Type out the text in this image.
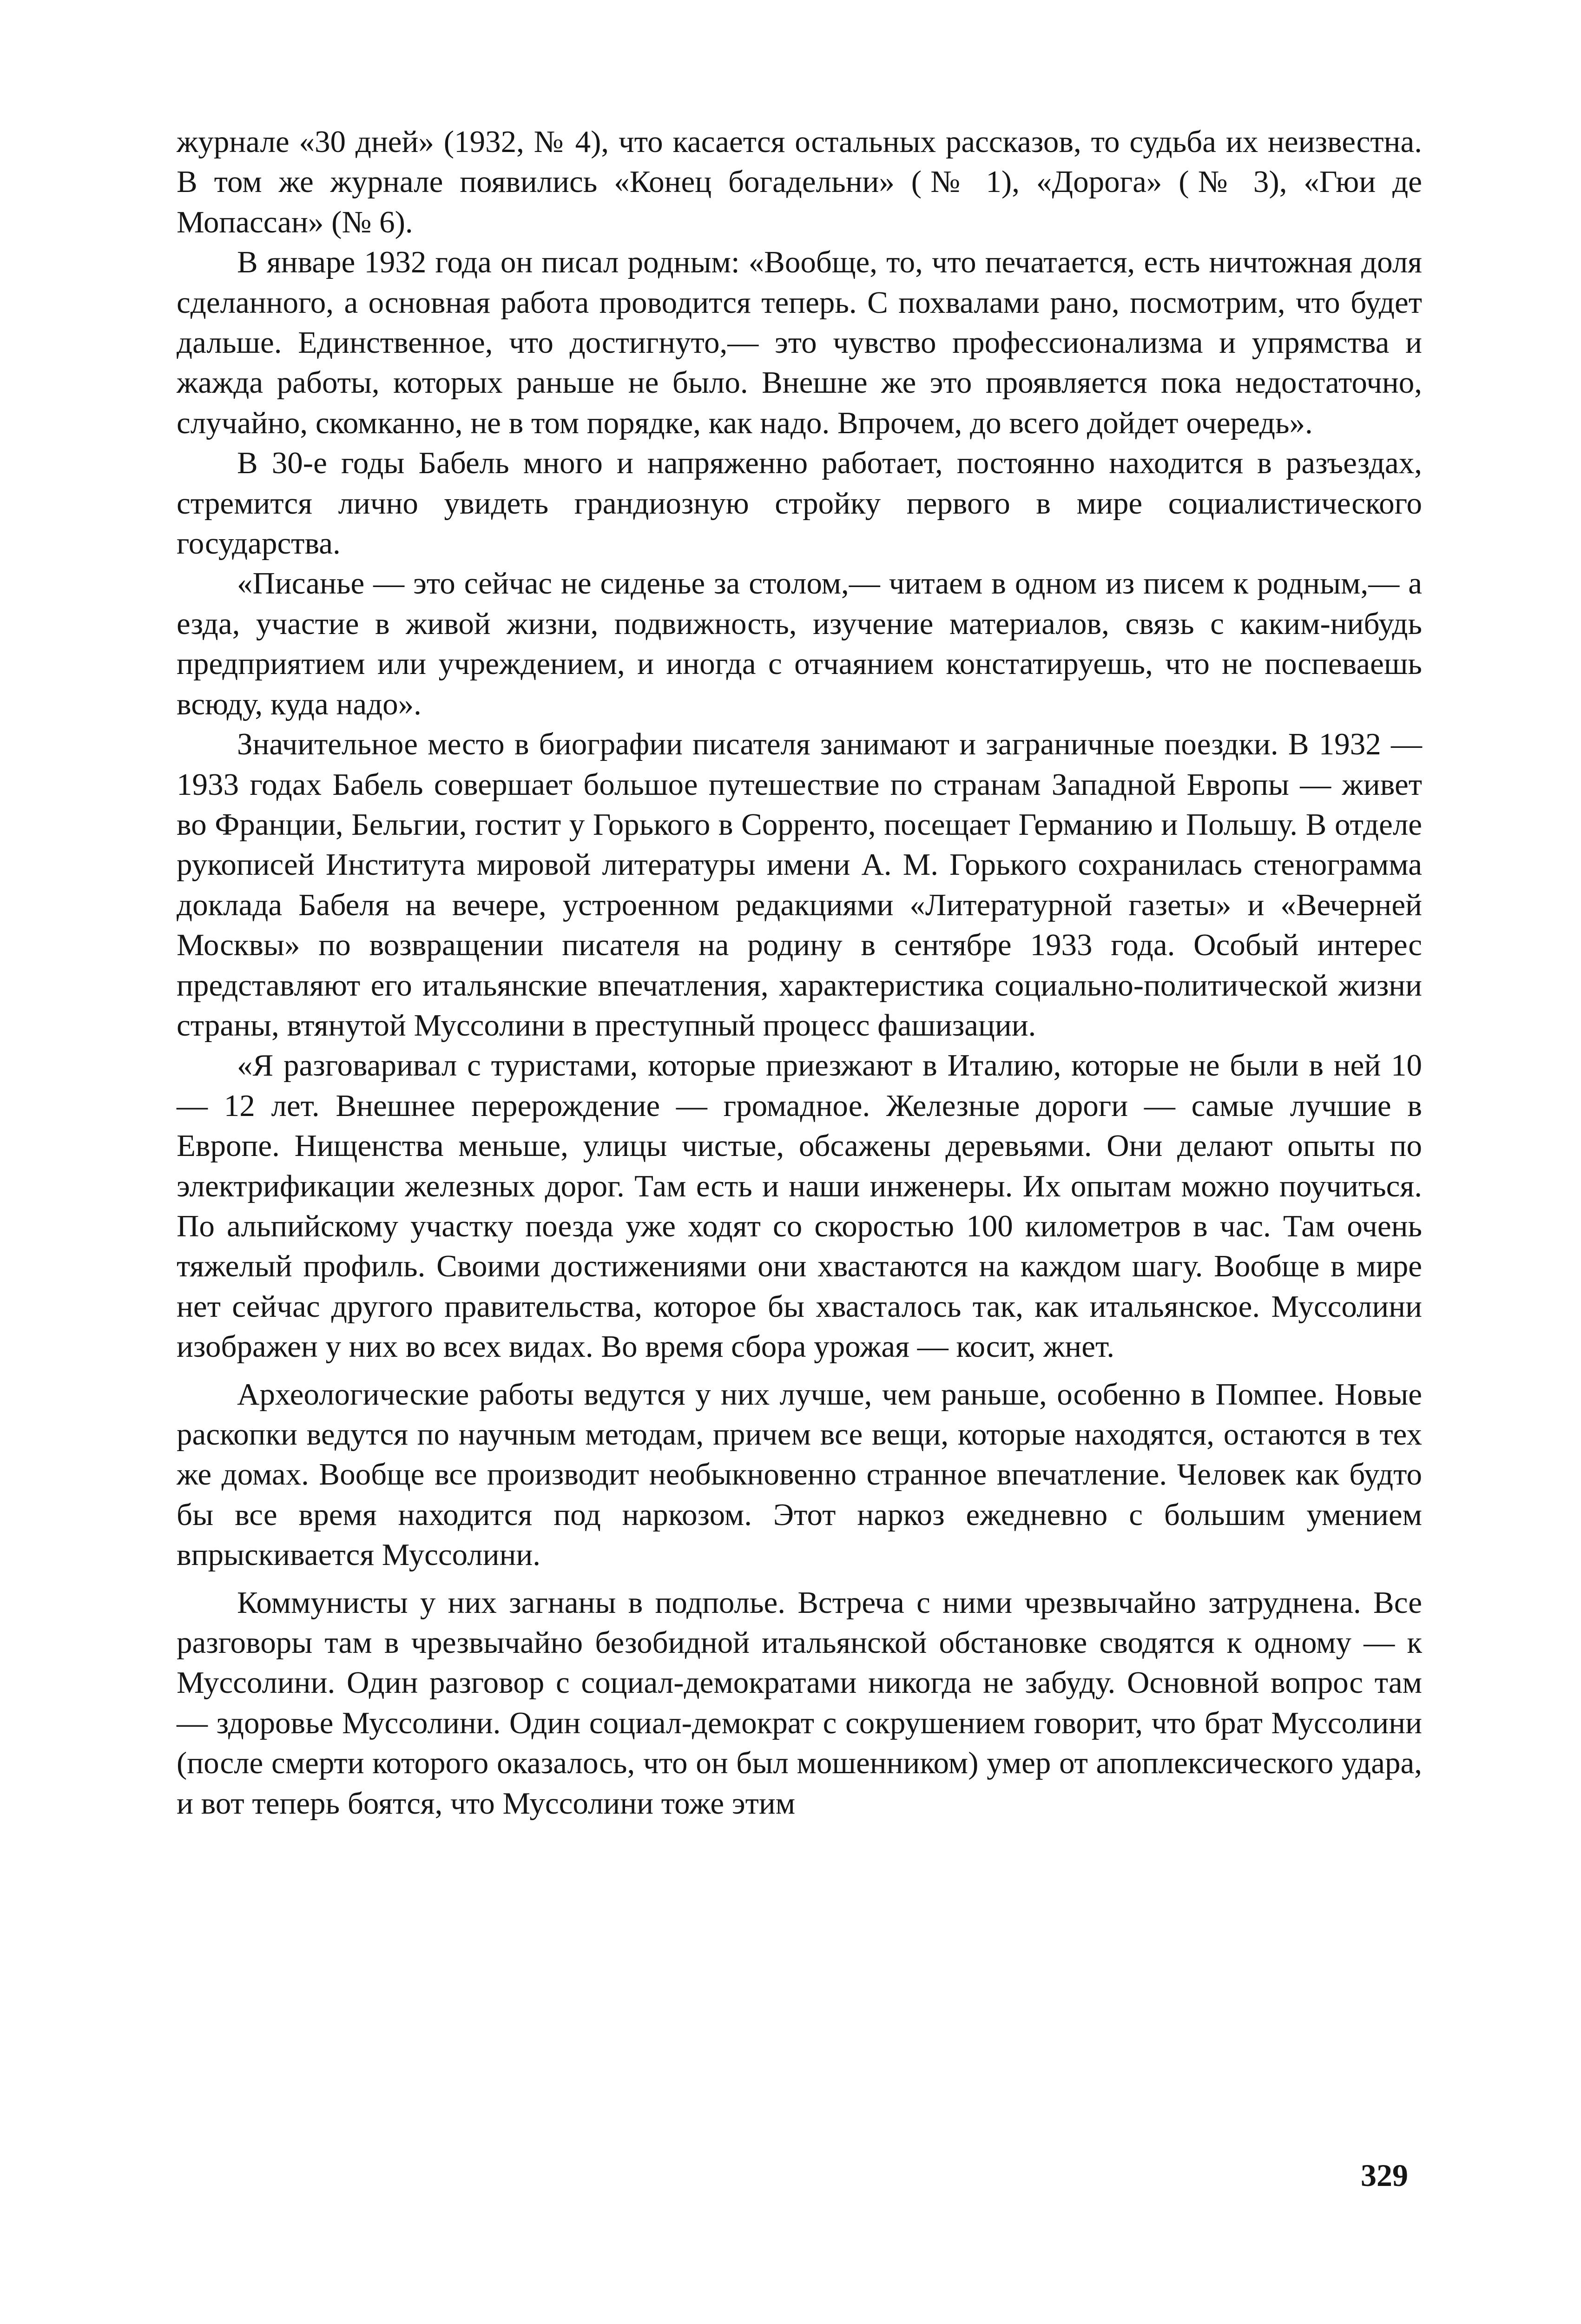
журнале «30 дней» (1932, № 4), что касается остальных рассказов, то судьба их неизвестна. В том же журнале появились «Конец богадельни» (№ 1), «Дорога» (№ 3), «Гюи де Мопассан» (№ 6).

В январе 1932 года он писал родным: «Вообще, то, что печатается, есть ничтожная доля сделанного, а основная работа проводится теперь. С похвалами рано, посмотрим, что будет дальше. Единственное, что достигнуто,— это чувство профессионализма и упрямства и жажда работы, которых раньше не было. Внешне же это проявляется пока недостаточно, случайно, скомканно, не в том порядке, как надо. Впрочем, до всего дойдет очередь».

В 30-е годы Бабель много и напряженно работает, постоянно находится в разъездах, стремится лично увидеть грандиозную стройку первого в мире социалистического государства.

«Писанье — это сейчас не сиденье за столом,— читаем в одном из писем к родным,— а езда, участие в живой жизни, подвижность, изучение материалов, связь с каким-нибудь предприятием или учреждением, и иногда с отчаянием констатируешь, что не поспеваешь всюду, куда надо».

Значительное место в биографии писателя занимают и заграничные поездки. В 1932 — 1933 годах Бабель совершает большое путешествие по странам Западной Европы — живет во Франции, Бельгии, гостит у Горького в Сорренто, посещает Германию и Польшу. В отделе рукописей Института мировой литературы имени А. М. Горького сохранилась стенограмма доклада Бабеля на вечере, устроенном редакциями «Литературной газеты» и «Вечерней Москвы» по возвращении писателя на родину в сентябре 1933 года. Особый интерес представляют его итальянские впечатления, характеристика социально-политической жизни страны, втянутой Муссолини в преступный процесс фашизации.

«Я разговаривал с туристами, которые приезжают в Италию, которые не были в ней 10 — 12 лет. Внешнее перерождение — громадное. Железные дороги — самые лучшие в Европе. Нищенства меньше, улицы чистые, обсажены деревьями. Они делают опыты по электрификации железных дорог. Там есть и наши инженеры. Их опытам можно поучиться. По альпийскому участку поезда уже ходят со скоростью 100 километров в час. Там очень тяжелый профиль. Своими достижениями они хвастаются на каждом шагу. Вообще в мире нет сейчас другого правительства, которое бы хвасталось так, как итальянское. Муссолини изображен у них во всех видах. Во время сбора урожая — косит, жнет.

Археологические работы ведутся у них лучше, чем раньше, особенно в Помпее. Новые раскопки ведутся по научным методам, причем все вещи, которые находятся, остаются в тех же домах. Вообще все производит необыкновенно странное впечатление. Человек как будто бы все время находится под наркозом. Этот наркоз ежедневно с большим умением впрыскивается Муссолини.

Коммунисты у них загнаны в подполье. Встреча с ними чрезвычайно затруднена. Все разговоры там в чрезвычайно безобидной итальянской обстановке сводятся к одному — к Муссолини. Один разговор с социал-демократами никогда не забуду. Основной вопрос там — здоровье Муссолини. Один социал-демократ с сокрушением говорит, что брат Муссолини (после смерти которого оказалось, что он был мошенником) умер от апоплексического удара, и вот теперь боятся, что Муссолини тоже этим

329
